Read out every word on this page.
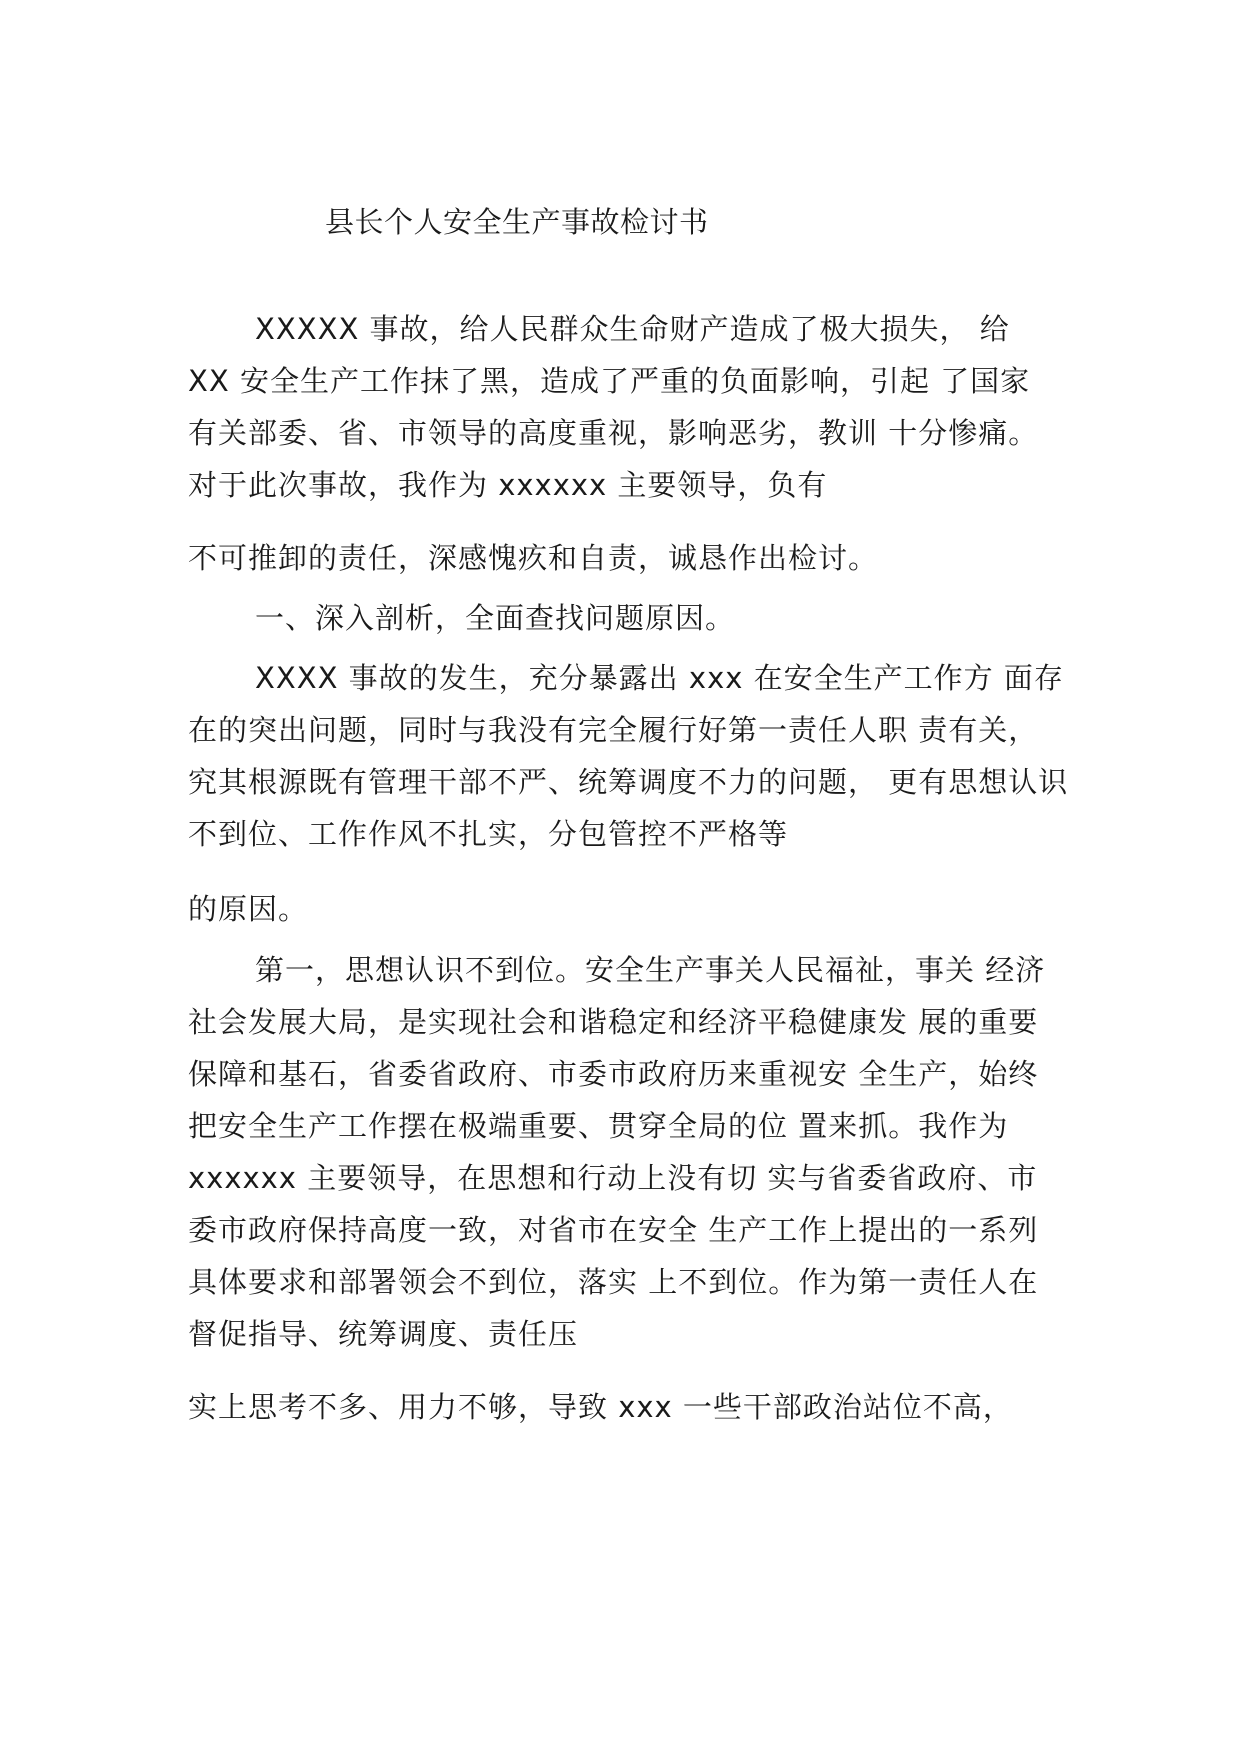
县长个人安全生产事故检讨书
XXXXX 事故，给人民群众生命财产造成了极大损失， 给
XX 安全生产工作抹了黑，造成了严重的负面影响，引起 了国家
有关部委、省、市领导的高度重视，影响恶劣，教训 十分惨痛。
对于此次事故，我作为 xxxxxx 主要领导，负有
不可推卸的责任，深感愧疚和自责，诚恳作出检讨。
一、深入剖析，全面查找问题原因。
XXXX 事故的发生，充分暴露出 xxx 在安全生产工作方 面存
在的突出问题，同时与我没有完全履行好第一责任人职 责有关，
究其根源既有管理干部不严、统筹调度不力的问题， 更有思想认识
不到位、工作作风不扎实，分包管控不严格等
的原因。
第一，思想认识不到位。安全生产事关人民福祉，事关 经济
社会发展大局，是实现社会和谐稳定和经济平稳健康发 展的重要
保障和基石，省委省政府、市委市政府历来重视安 全生产，始终
把安全生产工作摆在极端重要、贯穿全局的位 置来抓。我作为
xxxxxx 主要领导，在思想和行动上没有切 实与省委省政府、市
委市政府保持高度一致，对省市在安全 生产工作上提出的一系列
具体要求和部署领会不到位，落实 上不到位。作为第一责任人在
督促指导、统筹调度、责任压
实上思考不多、用力不够，导致 xxx 一些干部政治站位不高，
